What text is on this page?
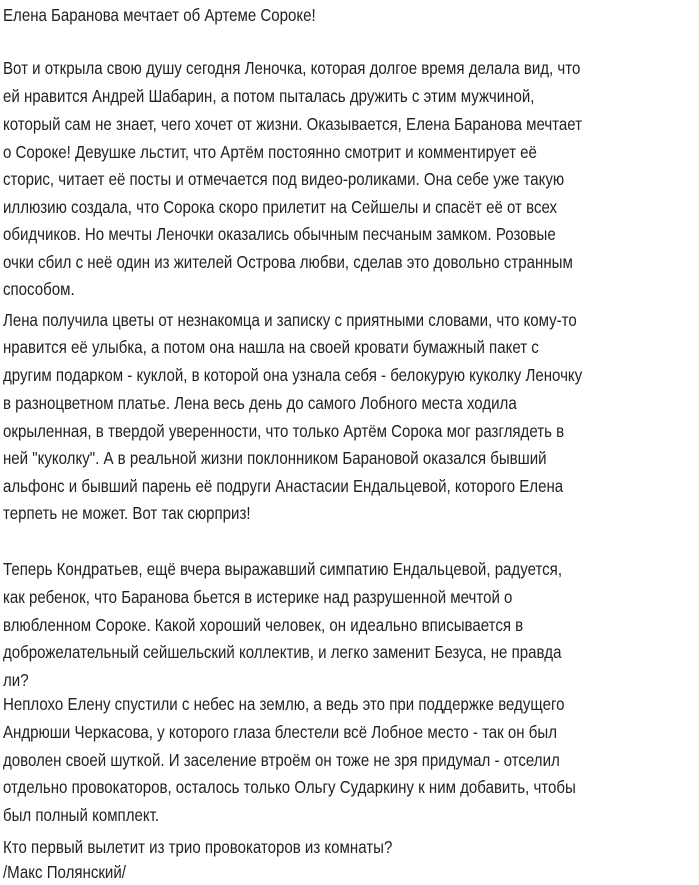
Елена Баранова мечтает об Артеме Сороке!
Вот и открыла свою душу сегодня Леночка, которая долгое время делала вид, что
ей нравится Андрей Шабарин, а потом пыталась дружить с этим мужчиной,
который сам не знает, чего хочет от жизни. Оказывается, Елена Баранова мечтает
о Сороке! Девушке льстит, что Артём постоянно смотрит и комментирует её
сторис, читает её посты и отмечается под видео-роликами. Она себе уже такую
иллюзию создала, что Сорока скоро прилетит на Сейшелы и спасёт её от всех
обидчиков. Но мечты Леночки оказались обычным песчаным замком. Розовые
очки сбил с неё один из жителей Острова любви, сделав это довольно странным
способом.
Лена получила цветы от незнакомца и записку с приятными словами, что кому-то
нравится её улыбка, а потом она нашла на своей кровати бумажный пакет с
другим подарком - куклой, в которой она узнала себя - белокурую куколку Леночку
в разноцветном платье. Лена весь день до самого Лобного места ходила
окрыленная, в твердой уверенности, что только Артём Сорока мог разглядеть в
ней "куколку". А в реальной жизни поклонником Барановой оказался бывший
альфонс и бывший парень её подруги Анастасии Ендальцевой, которого Елена
терпеть не может. Вот так сюрприз!
Теперь Кондратьев, ещё вчера выражавший симпатию Ендальцевой, радуется,
как ребенок, что Баранова бьется в истерике над разрушенной мечтой о
влюбленном Сороке. Какой хороший человек, он идеально вписывается в
доброжелательный сейшельский коллектив, и легко заменит Безуса, не правда
ли?
Неплохо Елену спустили с небес на землю, а ведь это при поддержке ведущего
Андрюши Черкасова, у которого глаза блестели всё Лобное место - так он был
доволен своей шуткой. И заселение втроём он тоже не зря придумал - отселил
отдельно провокаторов, осталось только Ольгу Сударкину к ним добавить, чтобы
был полный комплект.
Кто первый вылетит из трио провокаторов из комнаты?
/Макс Полянский/
